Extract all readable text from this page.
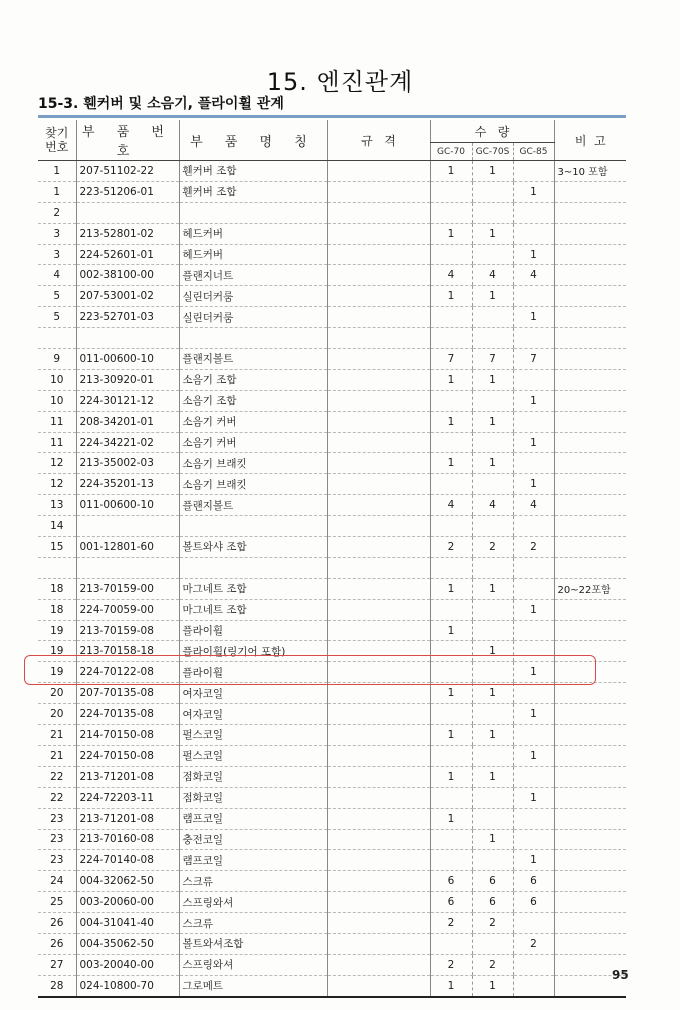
15. 엔진관계
15-3. 휀커버 및 소음기, 플라이휠 관계
찾기
번호	부 품 번 호	부 품 명 칭	규   격	수   량			비  고
				GC-70	GC-70S	GC-85	
1	207-51102-22	휀커버 조합		1	1		3~10 포함
1	223-51206-01	휀커버 조합				1	
2							
3	213-52801-02	헤드커버		1	1		
3	224-52601-01	헤드커버				1	
4	002-38100-00	플랜지너트		4	4	4	
5	207-53001-02	실린더커룸		1	1		
5	223-52701-03	실린더커룸				1	

9	011-00600-10	플랜지볼트		7	7	7	
10	213-30920-01	소음기 조합		1	1		
10	224-30121-12	소음기 조합				1	
11	208-34201-01	소음기 커버		1	1		
11	224-34221-02	소음기 커버				1	
12	213-35002-03	소음기 브래킷		1	1		
12	224-35201-13	소음기 브래킷				1	
13	011-00600-10	플랜지볼트		4	4	4	
14							
15	001-12801-60	볼트와샤 조합		2	2	2	

18	213-70159-00	마그네트 조합		1	1		20~22포함
18	224-70059-00	마그네트 조합				1	
19	213-70159-08	플라이휠		1			
19	213-70158-18	플라이휠(링기어 포함)			1		
19	224-70122-08	플라이휠				1	
20	207-70135-08	여자코일		1	1		
20	224-70135-08	여자코일				1	
21	214-70150-08	펄스코일		1	1		
21	224-70150-08	펄스코일				1	
22	213-71201-08	점화코일		1	1		
22	224-72203-11	점화코일				1	
23	213-71201-08	램프코일		1			
23	213-70160-08	충전코일			1		
23	224-70140-08	램프코일				1	
24	004-32062-50	스크류		6	6	6	
25	003-20060-00	스프링와셔		6	6	6	
26	004-31041-40	스크류		2	2		
26	004-35062-50	볼트와셔조합				2	
27	003-20040-00	스프링와셔		2	2		
28	024-10800-70	그로메트		1	1		
95
